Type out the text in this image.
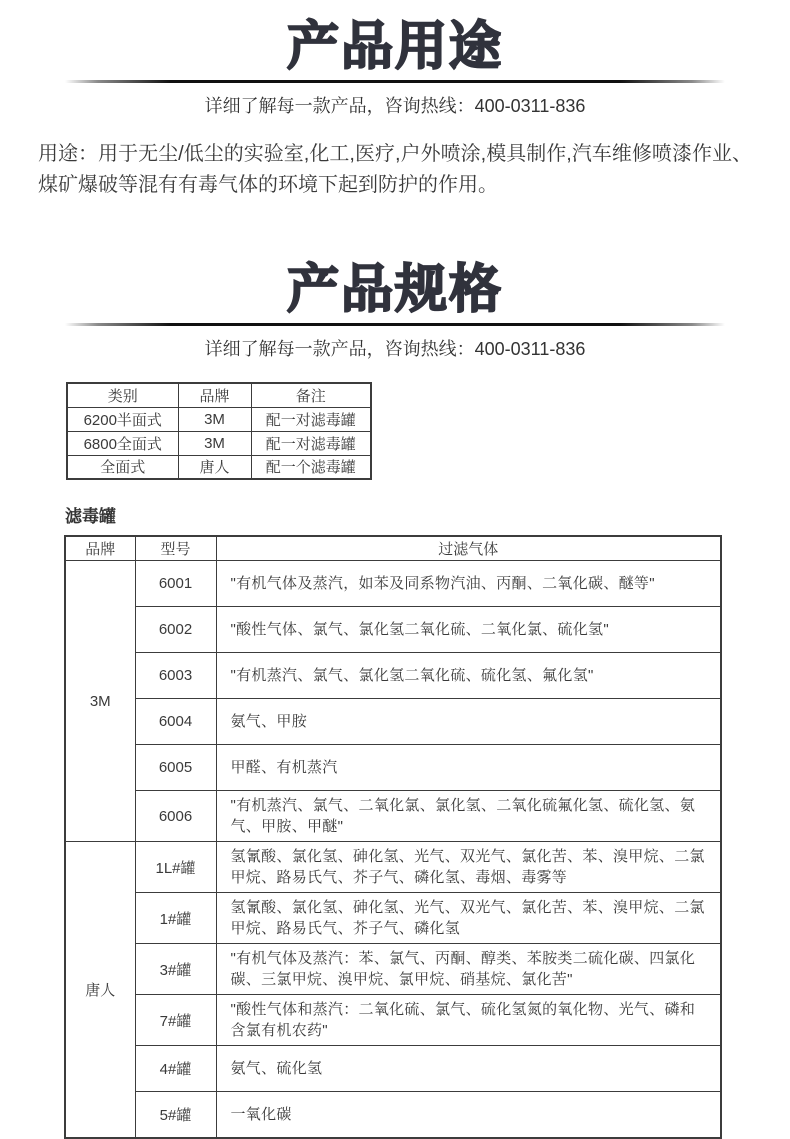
产品用途

详细了解每一款产品，咨询热线：400-0311-836

用途：用于无尘/低尘的实验室,化工,医疗,户外喷涂,模具制作,汽车维修喷漆作业、煤矿爆破等混有有毒气体的环境下起到防护的作用。

产品规格

详细了解每一款产品，咨询热线：400-0311-836

类别	品牌	备注
6200半面式	3M	配一对滤毒罐
6800全面式	3M	配一对滤毒罐
全面式	唐人	配一个滤毒罐
滤毒罐
品牌	型号	过滤气体
3M	6001	"有机气体及蒸汽，如苯及同系物汽油、丙酮、二氧化碳、醚等"
	6002	"酸性气体、氯气、氯化氢二氧化硫、二氧化氯、硫化氢"
	6003	"有机蒸汽、氯气、氯化氢二氧化硫、硫化氢、氟化氢"
	6004	氨气、甲胺
	6005	甲醛、有机蒸汽
	6006	"有机蒸汽、氯气、二氧化氯、氯化氢、二氧化硫氟化氢、硫化氢、氨气、甲胺、甲醚"
唐人	1L#罐	氢氰酸、氯化氢、砷化氢、光气、双光气、氯化苦、苯、溴甲烷、二氯甲烷、路易氏气、芥子气、磷化氢、毒烟、毒雾等
	1#罐	氢氰酸、氯化氢、砷化氢、光气、双光气、氯化苦、苯、溴甲烷、二氯甲烷、路易氏气、芥子气、磷化氢
	3#罐	"有机气体及蒸汽：苯、氯气、丙酮、醇类、苯胺类二硫化碳、四氯化碳、三氯甲烷、溴甲烷、氯甲烷、硝基烷、氯化苦"
	7#罐	"酸性气体和蒸汽：二氧化硫、氯气、硫化氢氮的氧化物、光气、磷和含氯有机农药"
	4#罐	氨气、硫化氢
	5#罐	一氧化碳
